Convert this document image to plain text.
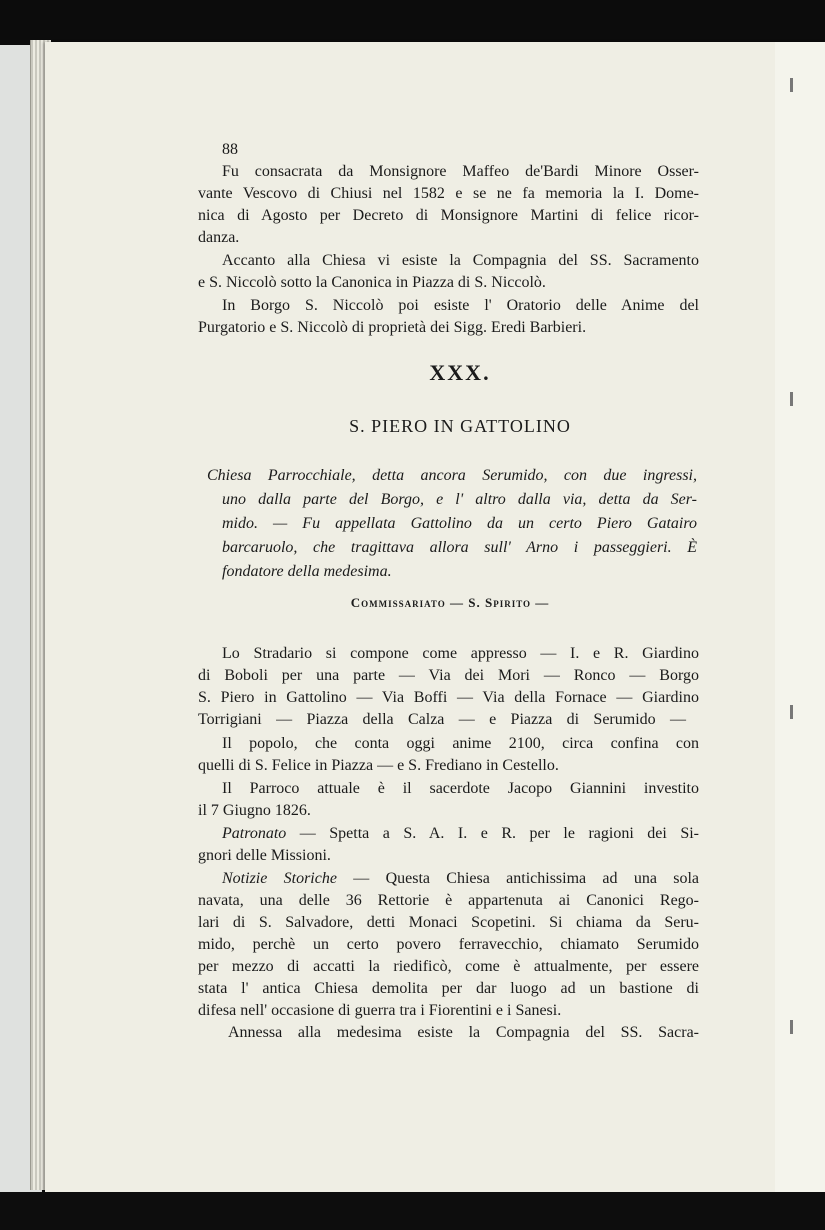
88
Fu consacrata da Monsignore Maffeo de'Bardi Minore Osser-
vante Vescovo di Chiusi nel 1582 e se ne fa memoria la I. Dome-
nica di Agosto per Decreto di Monsignore Martini di felice ricor-
danza.
Accanto alla Chiesa vi esiste la Compagnia del SS. Sacramento
e S. Niccolò sotto la Canonica in Piazza di S. Niccolò.
In Borgo S. Niccolò poi esiste l' Oratorio delle Anime del
Purgatorio e S. Niccolò di proprietà dei Sigg. Eredi Barbieri.
XXX.
S. PIERO IN GATTOLINO
Chiesa Parrocchiale, detta ancora Serumido, con due ingressi,
uno dalla parte del Borgo, e l' altro dalla via, detta da Ser-
mido. — Fu appellata Gattolino da un certo Piero Gatairo
barcaruolo, che tragittava allora sull' Arno i passeggieri. È
fondatore della medesima.
Commissariato — S. Spirito —
Lo Stradario si compone come appresso — I. e R. Giardino
di Boboli per una parte — Via dei Mori — Ronco — Borgo
S. Piero in Gattolino — Via Boffi — Via della Fornace — Giardino
Torrigiani — Piazza della Calza — e Piazza di Serumido —
Il popolo, che conta oggi anime 2100, circa confina con
quelli di S. Felice in Piazza — e S. Frediano in Cestello.
Il Parroco attuale è il sacerdote Jacopo Giannini investito
il 7 Giugno 1826.
Patronato — Spetta a S. A. I. e R. per le ragioni dei Si-
gnori delle Missioni.
Notizie Storiche — Questa Chiesa antichissima ad una sola
navata, una delle 36 Rettorie è appartenuta ai Canonici Rego-
lari di S. Salvadore, detti Monaci Scopetini. Si chiama da Seru-
mido, perchè un certo povero ferravecchio, chiamato Serumido
per mezzo di accatti la riedificò, come è attualmente, per essere
stata l' antica Chiesa demolita per dar luogo ad un bastione di
difesa nell' occasione di guerra tra i Fiorentini e i Sanesi.
Annessa alla medesima esiste la Compagnia del SS. Sacra-
